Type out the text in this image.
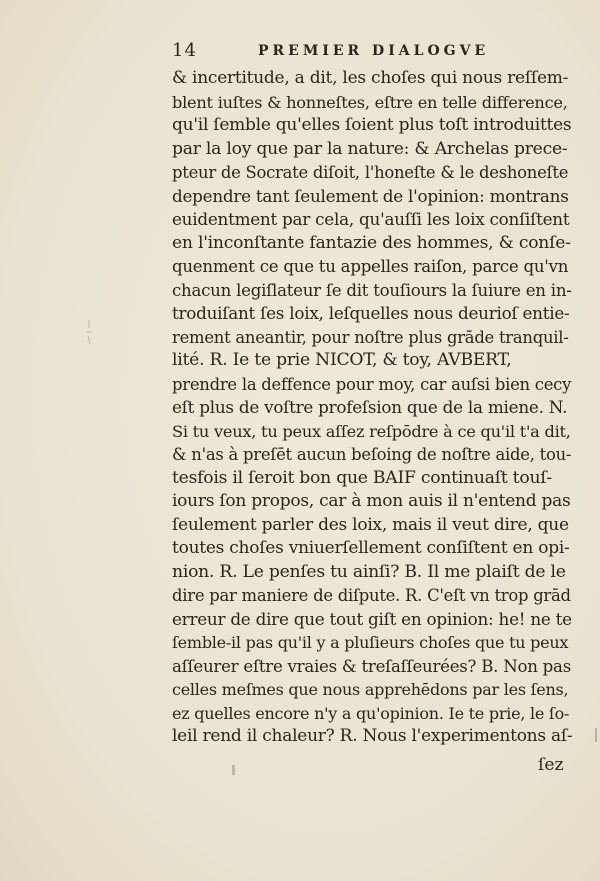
14	PREMIER DIALOGVE
& incertitude, a dit, les choſes qui nous reſſem-
blent iuſtes & honneſtes, eſtre en telle difference,
qu'il ſemble qu'elles ſoient plus toſt introduittes
par la loy que par la nature: & Archelas prece-
pteur de Socrate diſoit, l'honeſte & le deshoneſte
dependre tant ſeulement de l'opinion: montrans
euidentment par cela, qu'auſſi les loix conſiſtent
en l'inconſtante fantazie des hommes, & conſe-
quenment ce que tu appelles raiſon, parce qu'vn
chacun legiſlateur ſe dit touſiours la ſuiure en in-
troduiſant ſes loix, leſquelles nous deurioſ entie-
rement aneantir, pour noſtre plus grāde tranquil-
lité. R. Ie te prie NICOT, & toy, AVBERT,
prendre la deffence pour moy, car auſsi bien cecy
eſt plus de voſtre profeſsion que de la miene. N.
Si tu veux, tu peux aſſez reſpōdre à ce qu'il t'a dit,
& n'as à preſēt aucun beſoing de noſtre aide, tou-
tesfois il ſeroit bon que BAIF continuaſt touſ-
iours ſon propos, car à mon auis il n'entend pas
ſeulement parler des loix, mais il veut dire, que
toutes choſes vniuerſellement conſiſtent en opi-
nion. R. Le penſes tu ainſi? B. Il me plaiſt de le
dire par maniere de diſpute. R. C'eſt vn trop grād
erreur de dire que tout giſt en opinion: he! ne te
ſemble-il pas qu'il y a pluſieurs choſes que tu peux
aſſeurer eſtre vraies & treſaſſeurées? B. Non pas
celles meſmes que nous apprehēdons par les ſens,
ez quelles encore n'y a qu'opinion. Ie te prie, le ſo-
leil rend il chaleur? R. Nous l'experimentons aſ-
ſez
